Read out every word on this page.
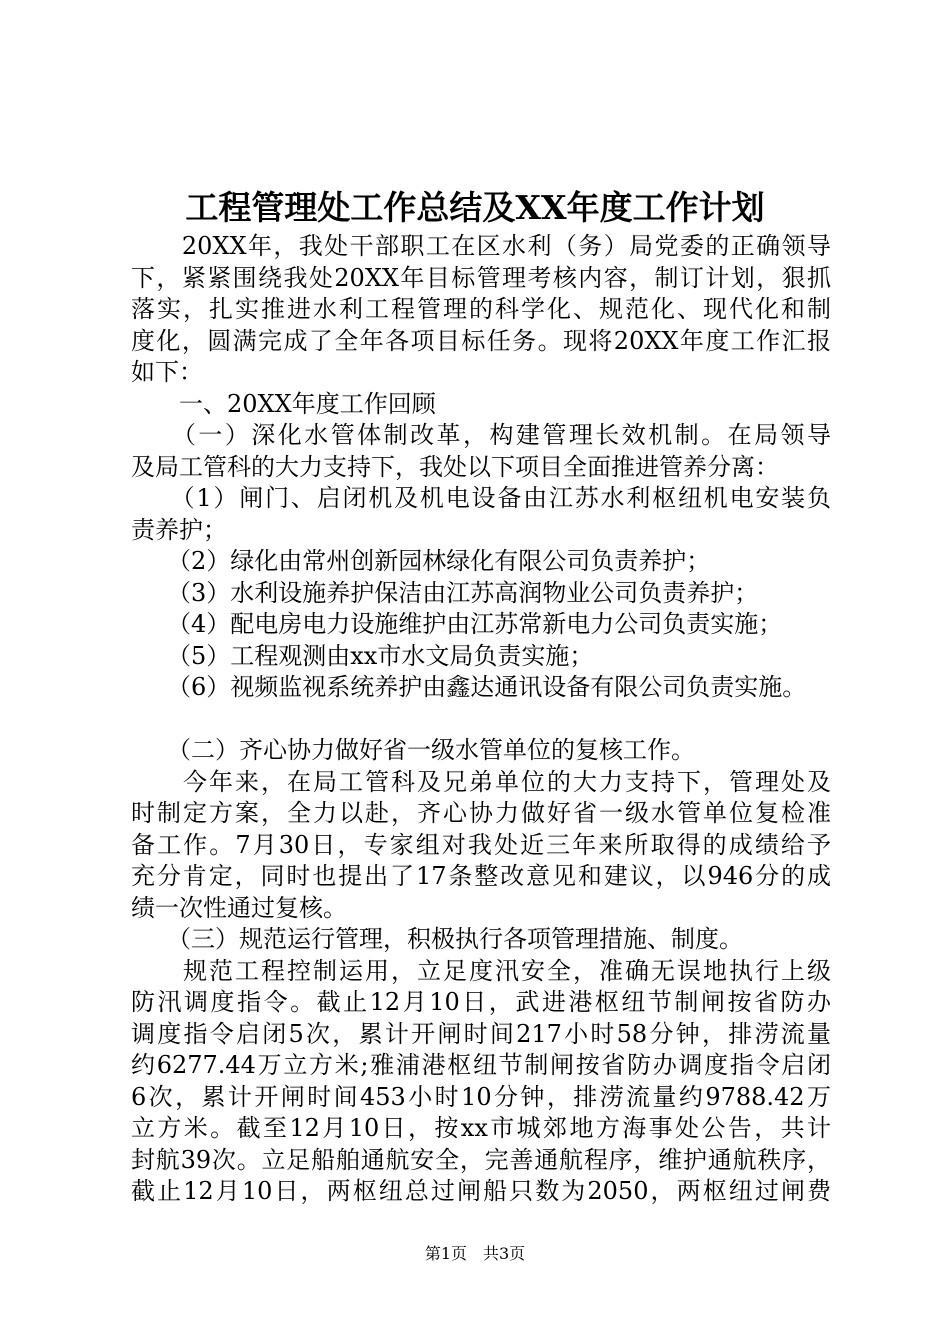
工程管理处工作总结及XX年度工作计划
　　20XX年，我处干部职工在区水利（务）局党委的正确领导
下，紧紧围绕我处20XX年目标管理考核内容，制订计划，狠抓
落实，扎实推进水利工程管理的科学化、规范化、现代化和制
度化，圆满完成了全年各项目标任务。现将20XX年度工作汇报
如下：
　　一、20XX年度工作回顾
　　（一）深化水管体制改革，构建管理长效机制。在局领导
及局工管科的大力支持下，我处以下项目全面推进管养分离：
　　（1）闸门、启闭机及机电设备由江苏水利枢纽机电安装负
责养护；
　　（2）绿化由常州创新园林绿化有限公司负责养护；
　　（3）水利设施养护保洁由江苏高润物业公司负责养护；
　　（4）配电房电力设施维护由江苏常新电力公司负责实施；
　　（5）工程观测由xx市水文局负责实施；
　　（6）视频监视系统养护由鑫达通讯设备有限公司负责实施。
　　（二）齐心协力做好省一级水管单位的复核工作。
　　今年来，在局工管科及兄弟单位的大力支持下，管理处及
时制定方案，全力以赴，齐心协力做好省一级水管单位复检准
备工作。7月30日，专家组对我处近三年来所取得的成绩给予
充分肯定，同时也提出了17条整改意见和建议，以946分的成
绩一次性通过复核。
　　（三）规范运行管理，积极执行各项管理措施、制度。
　　规范工程控制运用，立足度汛安全，准确无误地执行上级
防汛调度指令。截止12月10日，武进港枢纽节制闸按省防办
调度指令启闭5次，累计开闸时间217小时58分钟，排涝流量
约6277.44万立方米;雅浦港枢纽节制闸按省防办调度指令启闭
6次，累计开闸时间453小时10分钟，排涝流量约9788.42万
立方米。截至12月10日，按xx市城郊地方海事处公告，共计
封航39次。立足船舶通航安全，完善通航程序，维护通航秩序，
截止12月10日，两枢纽总过闸船只数为2050，两枢纽过闸费
第1页　共3页
